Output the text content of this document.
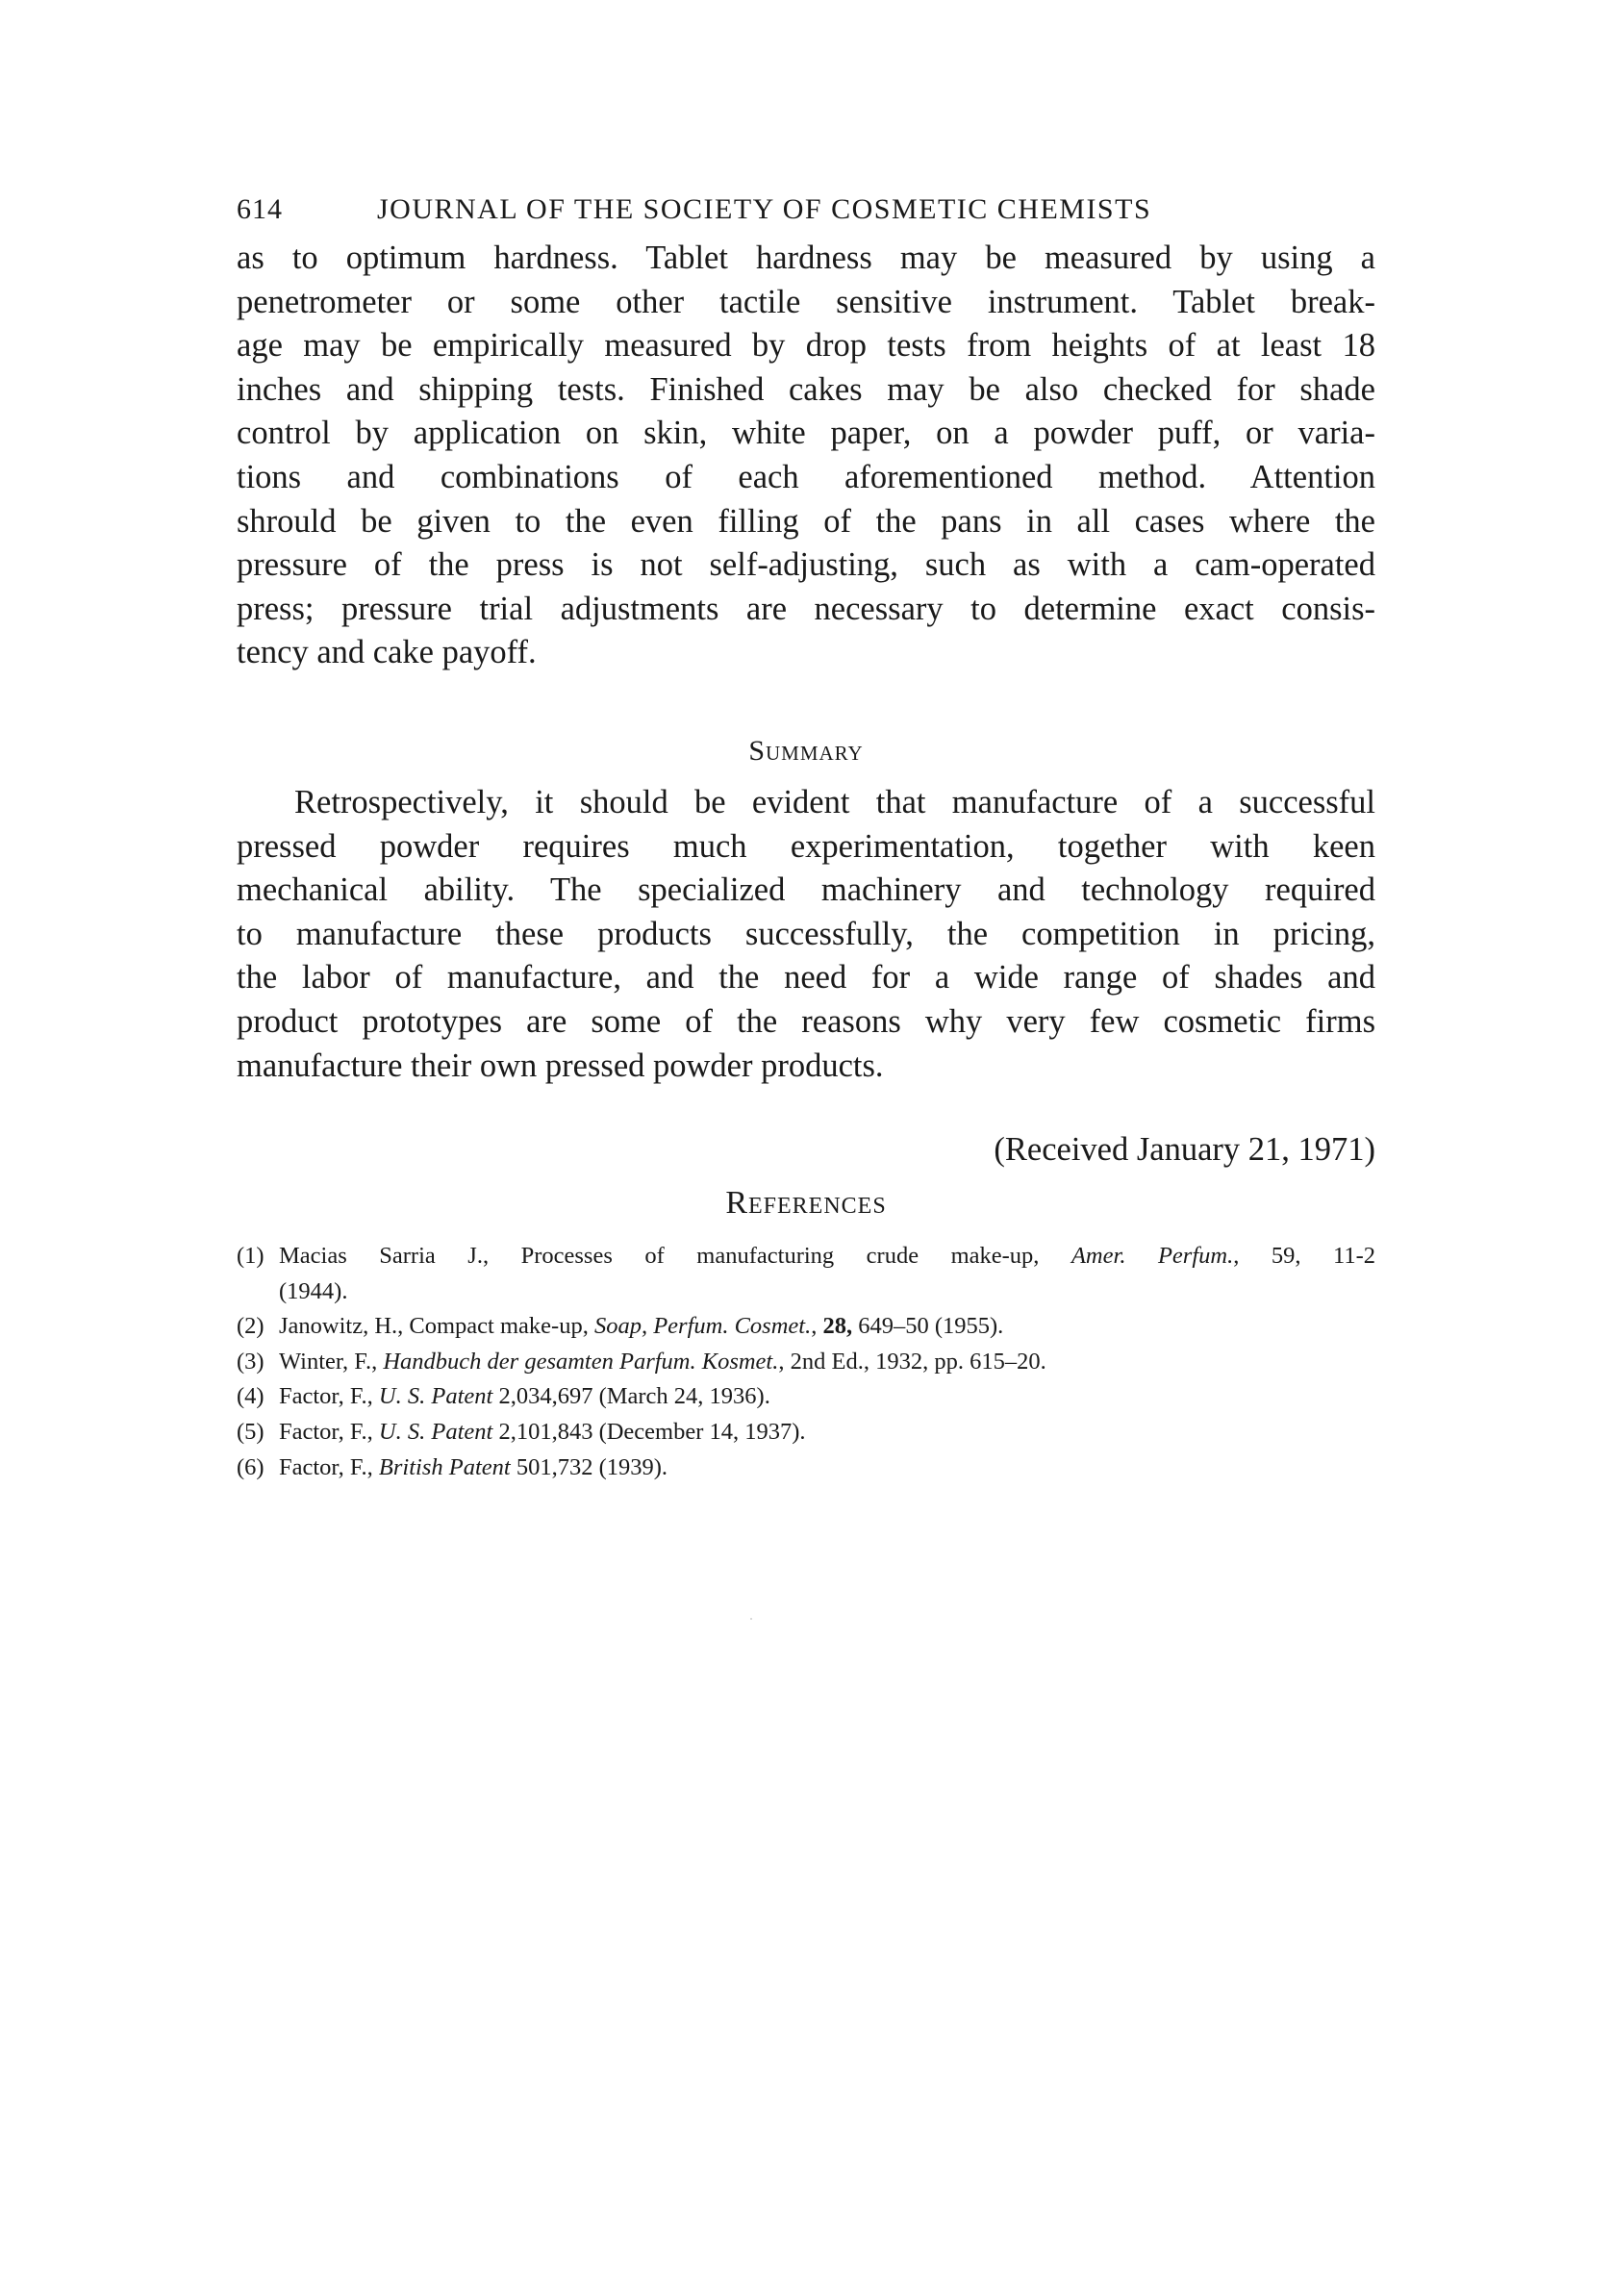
614	JOURNAL OF THE SOCIETY OF COSMETIC CHEMISTS
as to optimum hardness. Tablet hardness may be measured by using a
penetrometer or some other tactile sensitive instrument. Tablet break-
age may be empirically measured by drop tests from heights of at least 18
inches and shipping tests. Finished cakes may be also checked for shade
control by application on skin, white paper, on a powder puff, or varia-
tions and combinations of each aforementioned method. Attention
shrould be given to the even filling of the pans in all cases where the
pressure of the press is not self-adjusting, such as with a cam-operated
press; pressure trial adjustments are necessary to determine exact consis-
tency and cake payoff.
Summary
Retrospectively, it should be evident that manufacture of a successful
pressed powder requires much experimentation, together with keen
mechanical ability. The specialized machinery and technology required
to manufacture these products successfully, the competition in pricing,
the labor of manufacture, and the need for a wide range of shades and
product prototypes are some of the reasons why very few cosmetic firms
manufacture their own pressed powder products.
(Received January 21, 1971)
References
(1) Macias Sarria J., Processes of manufacturing crude make-up, Amer. Perfum., 59, 11-2
(1944).
(2) Janowitz, H., Compact make-up, Soap, Perfum. Cosmet., 28, 649–50 (1955).
(3) Winter, F., Handbuch der gesamten Parfum. Kosmet., 2nd Ed., 1932, pp. 615–20.
(4) Factor, F., U. S. Patent 2,034,697 (March 24, 1936).
(5) Factor, F., U. S. Patent 2,101,843 (December 14, 1937).
(6) Factor, F., British Patent 501,732 (1939).
